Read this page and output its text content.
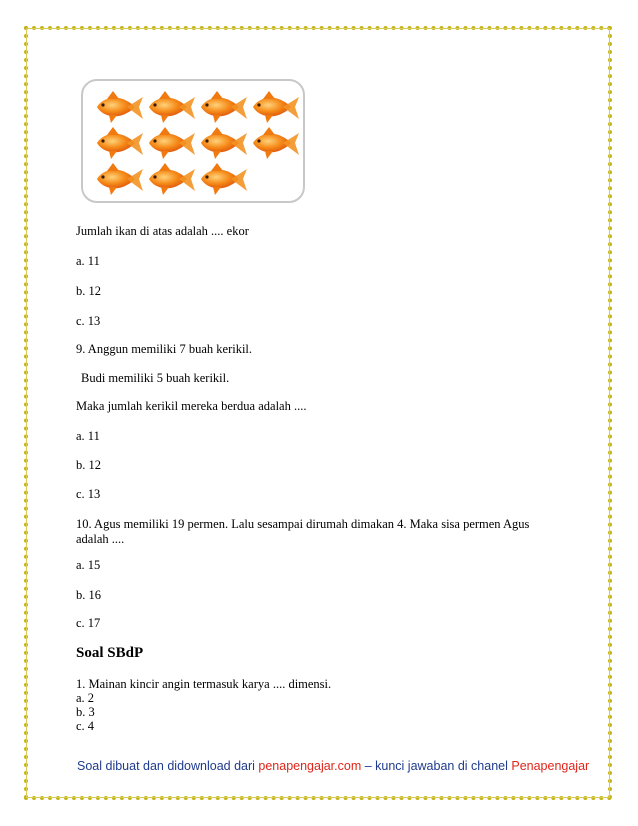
Jumlah ikan di atas adalah .... ekor
a. 11
b. 12
c. 13
9. Anggun memiliki 7 buah kerikil.
Budi memiliki 5 buah kerikil.
Maka jumlah kerikil mereka berdua adalah ....
a. 11
b. 12
c. 13
10. Agus memiliki 19 permen. Lalu sesampai dirumah dimakan 4. Maka sisa permen Agus
adalah ....
a. 15
b. 16
c. 17
Soal SBdP
1. Mainan kincir angin termasuk karya .... dimensi.
a. 2
b. 3
c. 4
Soal dibuat dan didownload dari penapengajar.com – kunci jawaban di chanel Penapengajar
